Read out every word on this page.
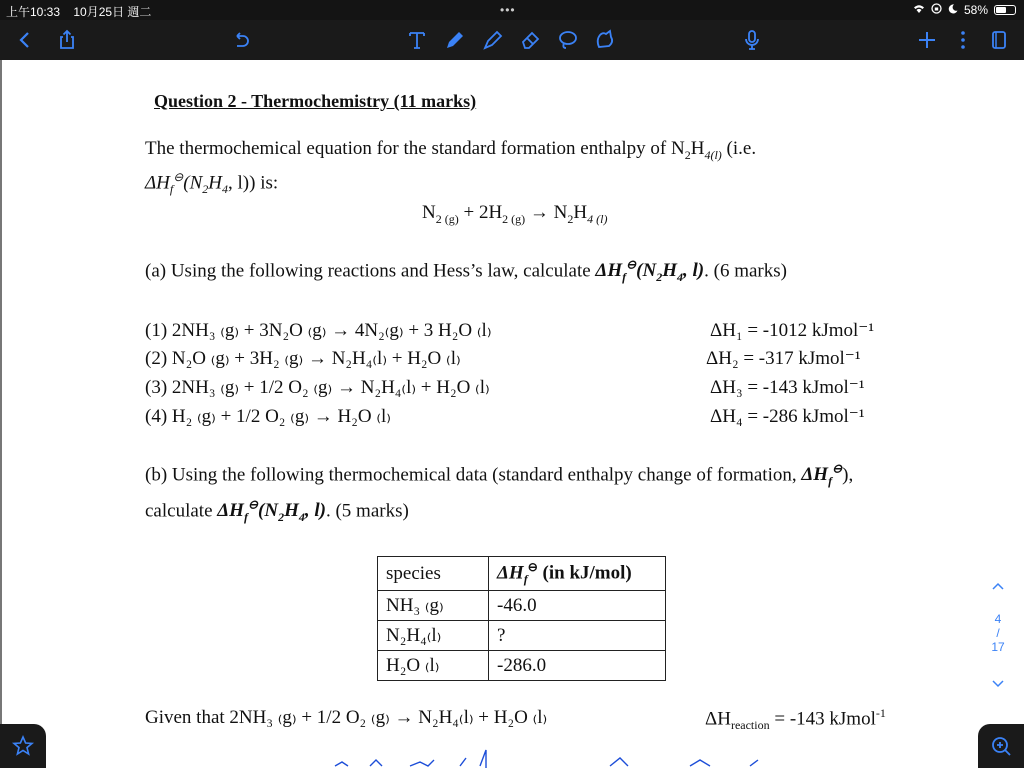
上午10:33 10月25日 週二	•••	58%
Question 2 - Thermochemistry (11 marks)
The thermochemical equation for the standard formation enthalpy of $N_2H_{4(l)}$ (i.e.
$\Delta H_f^⊖(N_2H_4$, l)) is:
$N_{2 (g)} + 2H_{2 (g)} \to N_2H_{4 (l)}$
(a) Using the following reactions and Hess’s law, calculate $\Delta H_f^⊖(N_2H_4$, l). (6 marks)
(1) 2NH₃ ₍g₎ + 3N₂O ₍g₎ → 4N₂₍g₎ + 3 H₂O ₍l₎	ΔH₁ = -1012 kJmol⁻¹
(2) N₂O ₍g₎ + 3H₂ ₍g₎ → N₂H₄₍l₎ + H₂O ₍l₎	ΔH₂ = -317 kJmol⁻¹
(3) 2NH₃ ₍g₎ + 1/2 O₂ ₍g₎ → N₂H₄₍l₎ + H₂O ₍l₎	ΔH₃ = -143 kJmol⁻¹
(4) H₂ ₍g₎ + 1/2 O₂ ₍g₎ → H₂O ₍l₎	ΔH₄ = -286 kJmol⁻¹
(b) Using the following thermochemical data (standard enthalpy change of formation, $\Delta H_f^⊖$),
calculate $\Delta H_f^⊖(N_2H_4$, l). (5 marks)
species	$\Delta H_f^⊖$ (in kJ/mol)
NH₃ ₍g₎	-46.0
N₂H₄₍l₎	?
H₂O ₍l₎	-286.0
Given that 2NH₃ ₍g₎ + 1/2 O₂ ₍g₎ → N₂H₄₍l₎ + H₂O ₍l₎	$\Delta H_{reaction} = -143$ kJmol$^{-1}$
4
/
17
